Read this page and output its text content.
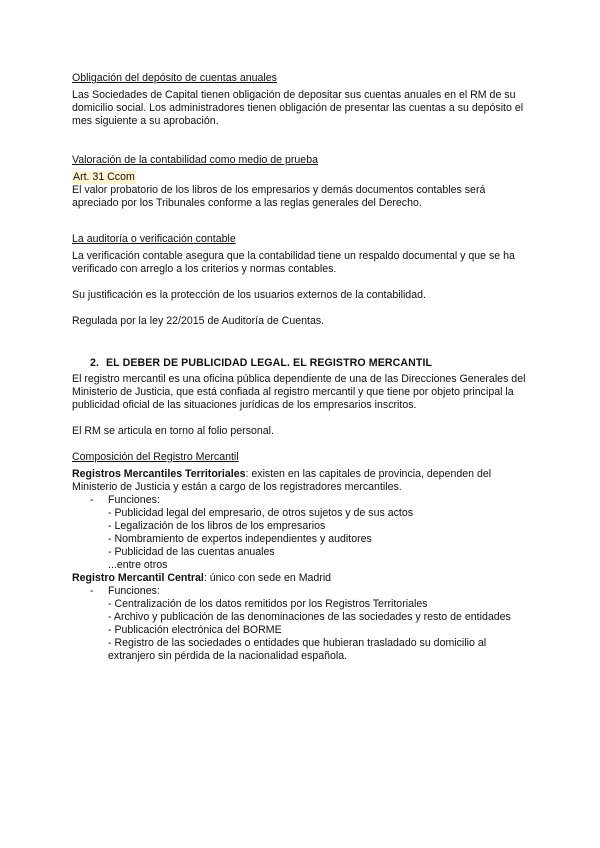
Obligación del depósito de cuentas anuales

Las Sociedades de Capital tienen obligación de depositar sus cuentas anuales en el RM de su domicilio social. Los administradores tienen obligación de presentar las cuentas a su depósito el mes siguiente a su aprobación.

Valoración de la contabilidad como medio de prueba

Art. 31 Ccom

El valor probatorio de los libros de los empresarios y demás documentos contables será apreciado por los Tribunales conforme a las reglas generales del Derecho.

La auditoría o verificación contable

La verificación contable asegura que la contabilidad tiene un respaldo documental y que se ha verificado con arreglo a los criterios y normas contables.

Su justificación es la protección de los usuarios externos de la contabilidad.

Regulada por la ley 22/2015 de Auditoría de Cuentas.

2. EL DEBER DE PUBLICIDAD LEGAL. EL REGISTRO MERCANTIL

El registro mercantil es una oficina pública dependiente de una de las Direcciones Generales del Ministerio de Justicia, que está confiada al registro mercantil y que tiene por objeto principal la publicidad oficial de las situaciones jurídicas de los empresarios inscritos.

El RM se articula en torno al folio personal.

Composición del Registro Mercantil

Registros Mercantiles Territoriales: existen en las capitales de provincia, dependen del Ministerio de Justicia y están a cargo de los registradores mercantiles.

- Funciones:
- Publicidad legal del empresario, de otros sujetos y de sus actos
- Legalización de los libros de los empresarios
- Nombramiento de expertos independientes y auditores
- Publicidad de las cuentas anuales
...entre otros

Registro Mercantil Central: único con sede en Madrid

- Funciones:
- Centralización de los datos remitidos por los Registros Territoriales
- Archivo y publicación de las denominaciones de las sociedades y resto de entidades
- Publicación electrónica del BORME
- Registro de las sociedades o entidades que hubieran trasladado su domicilio al extranjero sin pérdida de la nacionalidad española.
